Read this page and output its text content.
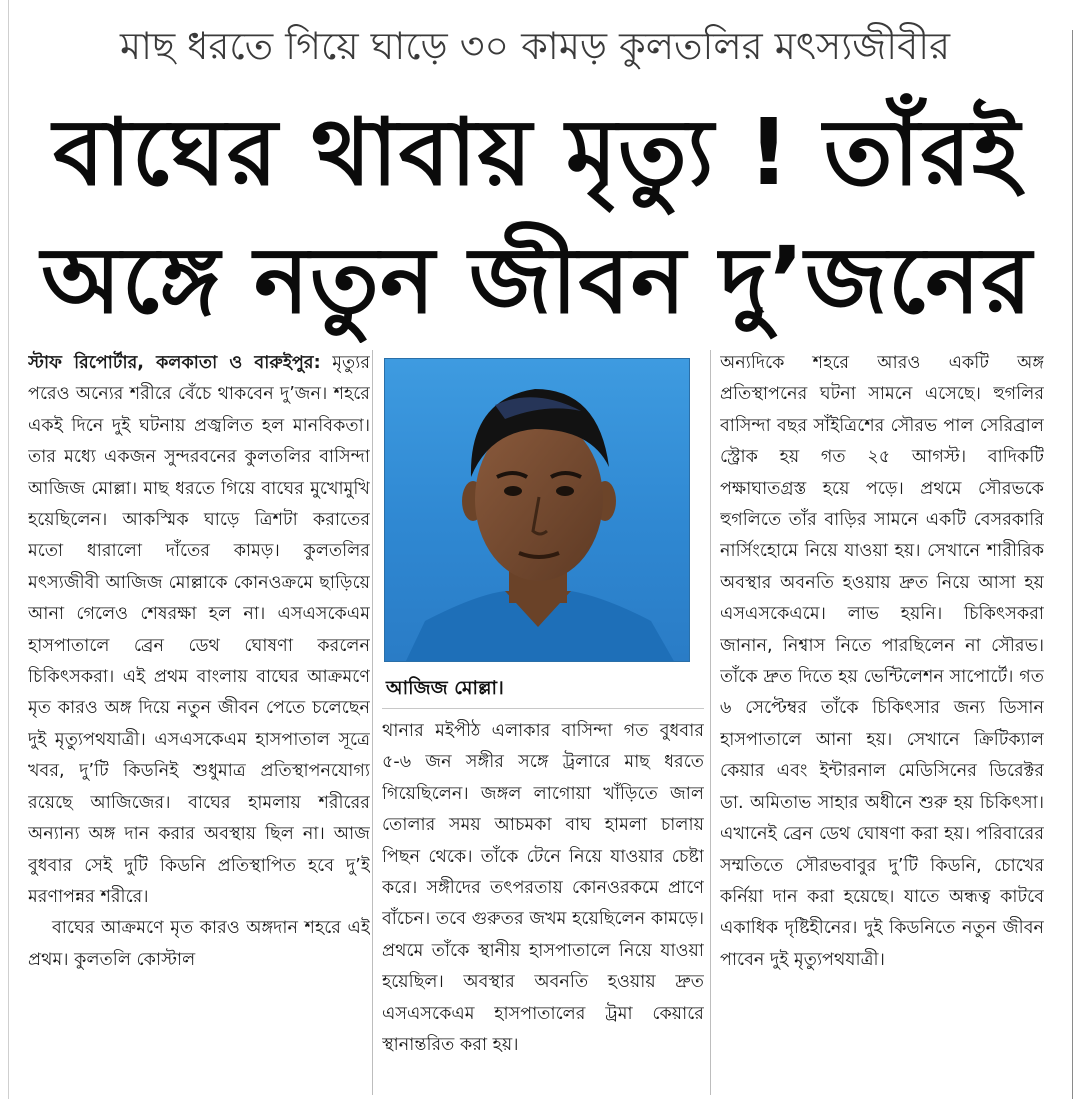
মাছ ধরতে গিয়ে ঘাড়ে ৩০ কামড় কুলতলির মৎস্যজীবীর
বাঘের থাবায় মৃত্যু ! তাঁরই
অঙ্গে নতুন জীবন দু’জনের

স্টাফ রিপোর্টার, কলকাতা ও বারুইপুর: মৃত্যুর পরেও অন্যের শরীরে বেঁচে থাকবেন দু’জন। শহরে একই দিনে দুই ঘটনায় প্রজ্বলিত হল মানবিকতা। তার মধ্যে একজন সুন্দরবনের কুলতলির বাসিন্দা আজিজ মোল্লা। মাছ ধরতে গিয়ে বাঘের মুখোমুখি হয়েছিলেন। আকস্মিক ঘাড়ে ত্রিশটা করাতের মতো ধারালো দাঁতের কামড়। কুলতলির মৎস্যজীবী আজিজ মোল্লাকে কোনওক্রমে ছাড়িয়ে আনা গেলেও শেষরক্ষা হল না। এসএসকেএম হাসপাতালে ব্রেন ডেথ ঘোষণা করলেন চিকিৎসকরা। এই প্রথম বাংলায় বাঘের আক্রমণে মৃত কারও অঙ্গ দিয়ে নতুন জীবন পেতে চলেছেন দুই মৃত্যুপথযাত্রী। এসএসকেএম হাসপাতাল সূত্রে খবর, দু’টি কিডনিই শুধুমাত্র প্রতিস্থাপনযোগ্য রয়েছে আজিজের। বাঘের হামলায় শরীরের অন্যান্য অঙ্গ দান করার অবস্থায় ছিল না। আজ বুধবার সেই দুটি কিডনি প্রতিস্থাপিত হবে দু’ই মরণাপন্নর শরীরে।

বাঘের আক্রমণে মৃত কারও অঙ্গদান শহরে এই প্রথম। কুলতলি কোস্টাল

আজিজ মোল্লা।

থানার মইপীঠ এলাকার বাসিন্দা গত বুধবার ৫-৬ জন সঙ্গীর সঙ্গে ট্রলারে মাছ ধরতে গিয়েছিলেন। জঙ্গল লাগোয়া খাঁড়িতে জাল তোলার সময় আচমকা বাঘ হামলা চালায় পিছন থেকে। তাঁকে টেনে নিয়ে যাওয়ার চেষ্টা করে। সঙ্গীদের তৎপরতায় কোনওরকমে প্রাণে বাঁচেন। তবে গুরুতর জখম হয়েছিলেন কামড়ে। প্রথমে তাঁকে স্থানীয় হাসপাতালে নিয়ে যাওয়া হয়েছিল। অবস্থার অবনতি হওয়ায় দ্রুত এসএসকেএম হাসপাতালের ট্রমা কেয়ারে স্থানান্তরিত করা হয়।

অন্যদিকে শহরে আরও একটি অঙ্গ প্রতিস্থাপনের ঘটনা সামনে এসেছে। হুগলির বাসিন্দা বছর সাঁইত্রিশের সৌরভ পাল সেরিব্রাল স্ট্রোক হয় গত ২৫ আগস্ট। বাদিকটি পক্ষাঘাতগ্রস্ত হয়ে পড়ে। প্রথমে সৌরভকে হুগলিতে তাঁর বাড়ির সামনে একটি বেসরকারি নার্সিংহোমে নিয়ে যাওয়া হয়। সেখানে শারীরিক অবস্থার অবনতি হওয়ায় দ্রুত নিয়ে আসা হয় এসএসকেএমে। লাভ হয়নি। চিকিৎসকরা জানান, নিশ্বাস নিতে পারছিলেন না সৌরভ। তাঁকে দ্রুত দিতে হয় ভেন্টিলেশন সাপোর্টে। গত ৬ সেপ্টেম্বর তাঁকে চিকিৎসার জন্য ডিসান হাসপাতালে আনা হয়। সেখানে ক্রিটিক্যাল কেয়ার এবং ইন্টারনাল মেডিসিনের ডিরেক্টর ডা. অমিতাভ সাহার অধীনে শুরু হয় চিকিৎসা। এখানেই ব্রেন ডেথ ঘোষণা করা হয়। পরিবারের সম্মতিতে সৌরভবাবুর দু’টি কিডনি, চোখের কর্নিয়া দান করা হয়েছে। যাতে অন্ধত্ব কাটবে একাধিক দৃষ্টিহীনের। দুই কিডনিতে নতুন জীবন পাবেন দুই মৃত্যুপথযাত্রী।
